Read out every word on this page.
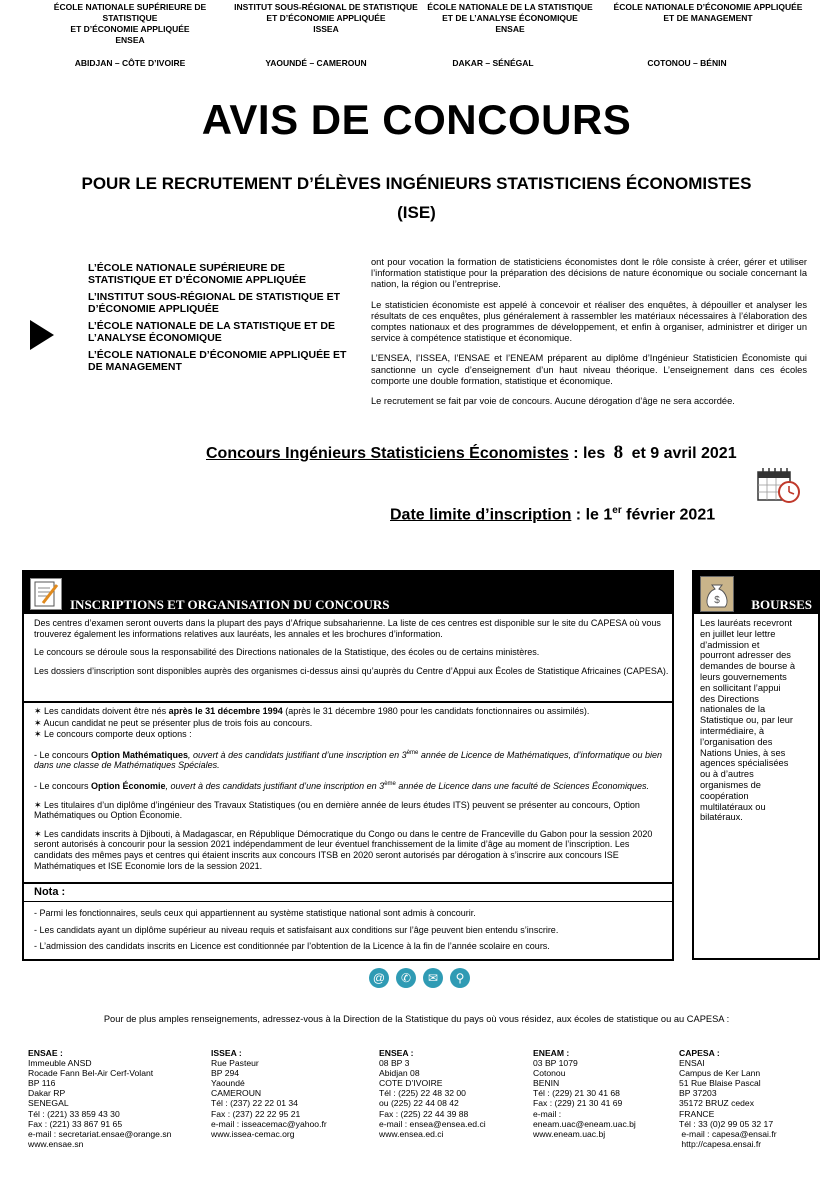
ÉCOLE NATIONALE SUPÉRIEURE DE STATISTIQUE
ET D’ÉCONOMIE APPLIQUÉE
ENSEA
INSTITUT SOUS-RÉGIONAL DE STATISTIQUE
ET D’ÉCONOMIE APPLIQUÉE
ISSEA
ÉCOLE NATIONALE DE LA STATISTIQUE
ET DE L’ANALYSE ÉCONOMIQUE
ENSAE
ÉCOLE NATIONALE D’ÉCONOMIE APPLIQUÉE
ET DE MANAGEMENT
ABIDJAN – CÔTE D’IVOIRE	YAOUNDÉ – CAMEROUN	DAKAR – SÉNÉGAL	COTONOU – BÉNIN
AVIS DE CONCOURS
POUR LE RECRUTEMENT D’ÉLÈVES INGÉNIEURS STATISTICIENS ÉCONOMISTES
(ISE)
L’ÉCOLE NATIONALE SUPÉRIEURE DE STATISTIQUE ET D’ÉCONOMIE APPLIQUÉE
L’INSTITUT SOUS-RÉGIONAL DE STATISTIQUE ET D’ÉCONOMIE APPLIQUÉE
L’ÉCOLE NATIONALE DE LA STATISTIQUE ET DE L’ANALYSE ÉCONOMIQUE
L’ÉCOLE NATIONALE D’ÉCONOMIE APPLIQUÉE ET DE MANAGEMENT

ont pour vocation la formation de statisticiens économistes dont le rôle consiste à créer, gérer et utiliser l’information statistique pour la préparation des décisions de nature économique ou sociale concernant la nation, la région ou l’entreprise.

Le statisticien économiste est appelé à concevoir et réaliser des enquêtes, à dépouiller et analyser les résultats de ces enquêtes, plus généralement à rassembler les matériaux nécessaires à l’élaboration des comptes nationaux et des programmes de développement, et enfin à organiser, administrer et diriger un service à compétence statistique et économique.

L’ENSEA, l’ISSEA, l’ENSAE et l’ENEAM préparent au diplôme d’Ingénieur Statisticien Économiste qui sanctionne un cycle d’enseignement d’un haut niveau théorique. L’enseignement dans ces écoles comporte une double formation, statistique et économique.

Le recrutement se fait par voie de concours. Aucune dérogation d’âge ne sera accordée.

Concours Ingénieurs Statisticiens Économistes : les 8 et 9 avril 2021
Date limite d’inscription : le 1er février 2021
INSCRIPTIONS ET ORGANISATION DU CONCOURS

Des centres d’examen seront ouverts dans la plupart des pays d’Afrique subsaharienne. La liste de ces centres est disponible sur le site du CAPESA où vous trouverez également les informations relatives aux lauréats, les annales et les brochures d’information.

Le concours se déroule sous la responsabilité des Directions nationales de la Statistique, des écoles ou de certains ministères.

Les dossiers d’inscription sont disponibles auprès des organismes ci-dessus ainsi qu’auprès du Centre d’Appui aux Écoles de Statistique Africaines (CAPESA).

✶ Les candidats doivent être nés après le 31 décembre 1994 (après le 31 décembre 1980 pour les candidats fonctionnaires ou assimilés).

✶ Aucun candidat ne peut se présenter plus de trois fois au concours.

✶ Le concours comporte deux options :

- Le concours Option Mathématiques, ouvert à des candidats justifiant d’une inscription en 3ème année de Licence de Mathématiques, d’informatique ou bien dans une classe de Mathématiques Spéciales.

- Le concours Option Économie, ouvert à des candidats justifiant d’une inscription en 3ème année de Licence dans une faculté de Sciences Économiques.

✶ Les titulaires d’un diplôme d’ingénieur des Travaux Statistiques (ou en dernière année de leurs études ITS) peuvent se présenter au concours, Option Mathématiques ou Option Économie.

✶ Les candidats inscrits à Djibouti, à Madagascar, en République Démocratique du Congo ou dans le centre de Franceville du Gabon pour la session 2020 seront autorisés à concourir pour la session 2021 indépendamment de leur éventuel franchissement de la limite d’âge au moment de l’inscription. Les candidats des mêmes pays et centres qui étaient inscrits aux concours ITSB en 2020 seront autorisés par dérogation à s’inscrire aux concours ISE Mathématiques et ISE Economie lors de la session 2021.

Nota :

- Parmi les fonctionnaires, seuls ceux qui appartiennent au système statistique national sont admis à concourir.

- Les candidats ayant un diplôme supérieur au niveau requis et satisfaisant aux conditions sur l’âge peuvent bien entendu s’inscrire.

- L’admission des candidats inscrits en Licence est conditionnée par l’obtention de la Licence à la fin de l’année scolaire en cours.

$ BOURSES
Les lauréats recevront en juillet leur lettre d’admission et pourront adresser des demandes de bourse à leurs gouvernements en sollicitant l’appui des Directions nationales de la Statistique ou, par leur intermédiaire, à l’organisation des Nations Unies, à ses agences spécialisées ou à d’autres organismes de coopération multilatéraux ou bilatéraux.
@	✆	✉	⚲
Pour de plus amples renseignements, adressez-vous à la Direction de la Statistique du pays où vous résidez, aux écoles de statistique ou au CAPESA :
ENSAE :
Immeuble ANSD
Rocade Fann Bel-Air Cerf-Volant
BP 116
Dakar RP
SENEGAL
Tél : (221) 33 859 43 30
Fax : (221) 33 867 91 65
e-mail : secretariat.ensae@orange.sn
www.ensae.sn
ISSEA :
Rue Pasteur
BP 294
Yaoundé
CAMEROUN
Tél : (237) 22 22 01 34
Fax : (237) 22 22 95 21
e-mail : isseacemac@yahoo.fr
www.issea-cemac.org
ENSEA :
08 BP 3
Abidjan 08
COTE D’IVOIRE
Tél : (225) 22 48 32 00
ou (225) 22 44 08 42
Fax : (225) 22 44 39 88
e-mail : ensea@ensea.ed.ci
www.ensea.ed.ci
ENEAM :
03 BP 1079
Cotonou
BENIN
Tél : (229) 21 30 41 68
Fax : (229) 21 30 41 69
e-mail :
eneam.uac@eneam.uac.bj
www.eneam.uac.bj
CAPESA :
ENSAI
Campus de Ker Lann
51 Rue Blaise Pascal
BP 37203
35172 BRUZ cedex
FRANCE
Tél : 33 (0)2 99 05 32 17
e-mail : capesa@ensai.fr
http://capesa.ensai.fr
